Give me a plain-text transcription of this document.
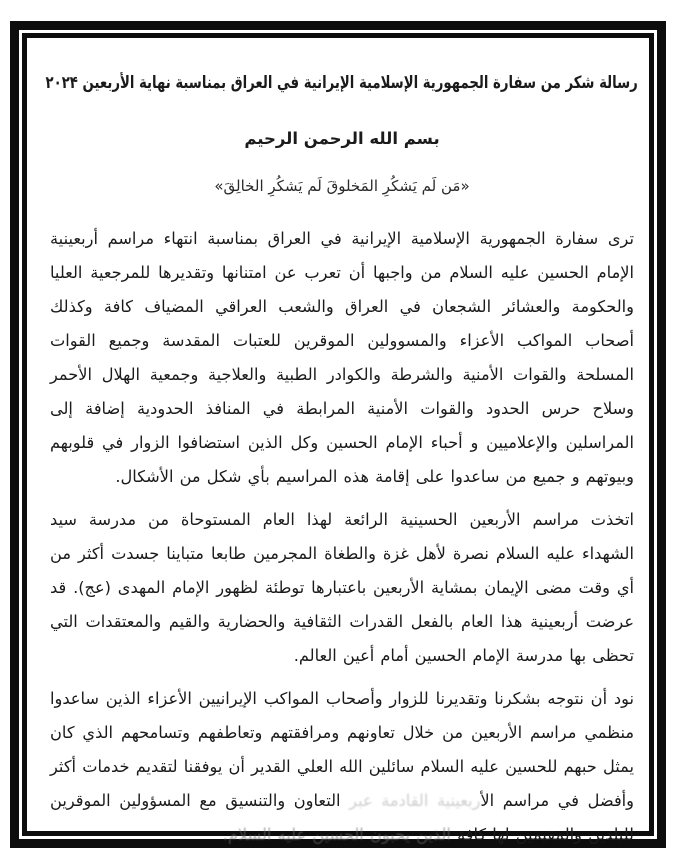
رسالة شكر من سفارة الجمهورية الإسلامية الإيرانية في العراق بمناسبة نهاية الأربعين ۲۰۲۴
بسم الله الرحمن الرحيم
«مَن لَم يَشكُرِ المَخلوقَ لَم يَشكُرِ الخالِقَ»

ترى سفارة الجمهورية الإسلامية الإيرانية في العراق بمناسبة انتهاء مراسم أربعينية الإمام الحسين عليه السلام من واجبها أن تعرب عن امتنانها وتقديرها للمرجعية العليا والحكومة والعشائر الشجعان في العراق والشعب العراقي المضياف كافة وكذلك أصحاب المواكب الأعزاء والمسوولين الموقرين للعتبات المقدسة وجميع القوات المسلحة والقوات الأمنية والشرطة والكوادر الطبية والعلاجية وجمعية الهلال الأحمر وسلاح حرس الحدود والقوات الأمنية المرابطة في المنافذ الحدودية إضافة إلى المراسلين والإعلاميين و أحباء الإمام الحسين وكل الذين استضافوا الزوار في قلوبهم وبيوتهم و جميع من ساعدوا على إقامة هذه المراسيم بأي شكل من الأشكال.

اتخذت مراسم الأربعين الحسينية الرائعة لهذا العام المستوحاة من مدرسة سيد الشهداء عليه السلام نصرة لأهل غزة والطغاة المجرمين طابعا متباينا جسدت أكثر من أي وقت مضى الإيمان بمشاية الأربعين باعتبارها توطئة لظهور الإمام المهدى (عج). قد عرضت أربعينية هذا العام بالفعل القدرات الثقافية والحضارية والقيم والمعتقدات التي تحظى بها مدرسة الإمام الحسين أمام أعين العالم.

نود أن نتوجه بشكرنا وتقديرنا للزوار وأصحاب المواكب الإيرانيين الأعزاء الذين ساعدوا منظمي مراسم الأربعين من خلال تعاونهم ومرافقتهم وتعاطفهم وتسامحهم الذي كان يمثل حبهم للحسين عليه السلام سائلين الله العلي القدير أن يوفقنا لتقديم خدمات أكثر وأفضل في مراسم الأربعينية القادمة عبر التعاون والتنسيق مع المسؤولين الموقرين للبلدين والمقيمين لها كافة الذين يحبون الحسين عليه السلام.
